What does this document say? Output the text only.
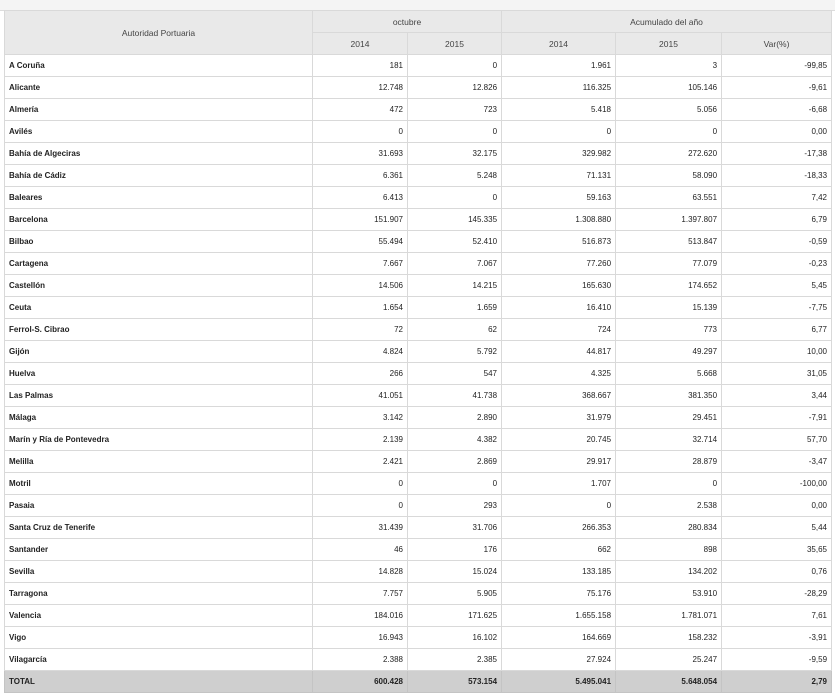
Autoridad Portuaria	octubre		Acumulado del año		
	2014	2015	2014	2015	Var(%)
A Coruña	181	0	1.961	3	-99,85
Alicante	12.748	12.826	116.325	105.146	-9,61
Almería	472	723	5.418	5.056	-6,68
Avilés	0	0	0	0	0,00
Bahía de Algeciras	31.693	32.175	329.982	272.620	-17,38
Bahía de Cádiz	6.361	5.248	71.131	58.090	-18,33
Baleares	6.413	0	59.163	63.551	7,42
Barcelona	151.907	145.335	1.308.880	1.397.807	6,79
Bilbao	55.494	52.410	516.873	513.847	-0,59
Cartagena	7.667	7.067	77.260	77.079	-0,23
Castellón	14.506	14.215	165.630	174.652	5,45
Ceuta	1.654	1.659	16.410	15.139	-7,75
Ferrol-S. Cibrao	72	62	724	773	6,77
Gijón	4.824	5.792	44.817	49.297	10,00
Huelva	266	547	4.325	5.668	31,05
Las Palmas	41.051	41.738	368.667	381.350	3,44
Málaga	3.142	2.890	31.979	29.451	-7,91
Marín y Ría de Pontevedra	2.139	4.382	20.745	32.714	57,70
Melilla	2.421	2.869	29.917	28.879	-3,47
Motril	0	0	1.707	0	-100,00
Pasaia	0	293	0	2.538	0,00
Santa Cruz de Tenerife	31.439	31.706	266.353	280.834	5,44
Santander	46	176	662	898	35,65
Sevilla	14.828	15.024	133.185	134.202	0,76
Tarragona	7.757	5.905	75.176	53.910	-28,29
Valencia	184.016	171.625	1.655.158	1.781.071	7,61
Vigo	16.943	16.102	164.669	158.232	-3,91
Vilagarcía	2.388	2.385	27.924	25.247	-9,59
TOTAL	600.428	573.154	5.495.041	5.648.054	2,79
